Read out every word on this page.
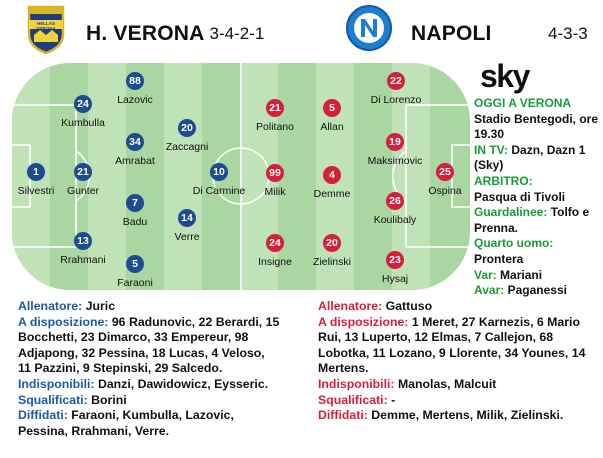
HELLAS VERONA H. VERONA 3-4-2-1	NAPOLI	4-3-3
1
Silvestri
24
Kumbulla
21
Gunter
13
Rrahmani
88
Lazovic
34
Amrabat
7
Badu
5
Faraoni
20
Zaccagni
14
Verre
10
Di Carmine
99
Milik
21
Politano
24
Insigne
5
Allan
4
Demme
20
Zielinski
22
Di Lorenzo
19
Maksimovic
26
Koulibaly
23
Hysaj
25
Ospina
sky
OGGI A VERONA
Stadio Bentegodi, ore 19.30
IN TV: Dazn, Dazn 1 (Sky)
ARBITRO:
Pasqua di Tivoli
Guardalinee: Tolfo e Prenna.
Quarto uomo:
Prontera
Var: Mariani
Avar: Paganessi

Allenatore: Juric

A disposizione: 96 Radunovic, 22 Berardi, 15 Bocchetti, 23 Dimarco, 33 Empereur, 98 Adjapong, 32 Pessina, 18 Lucas, 4 Veloso, 11 Pazzini, 9 Stepinski, 29 Salcedo.

Indisponibili: Danzi, Dawidowicz, Eysseric.

Squalificati: Borini

Diffidati: Faraoni, Kumbulla, Lazovic, Pessina, Rrahmani, Verre.

Allenatore: Gattuso

A disposizione: 1 Meret, 27 Karnezis, 6 Mario Rui, 13 Luperto, 12 Elmas, 7 Callejon, 68 Lobotka, 11 Lozano, 9 Llorente, 34 Younes, 14 Mertens.

Indisponibili: Manolas, Malcuit

Squalificati: -

Diffidati: Demme, Mertens, Milik, Zielinski.
